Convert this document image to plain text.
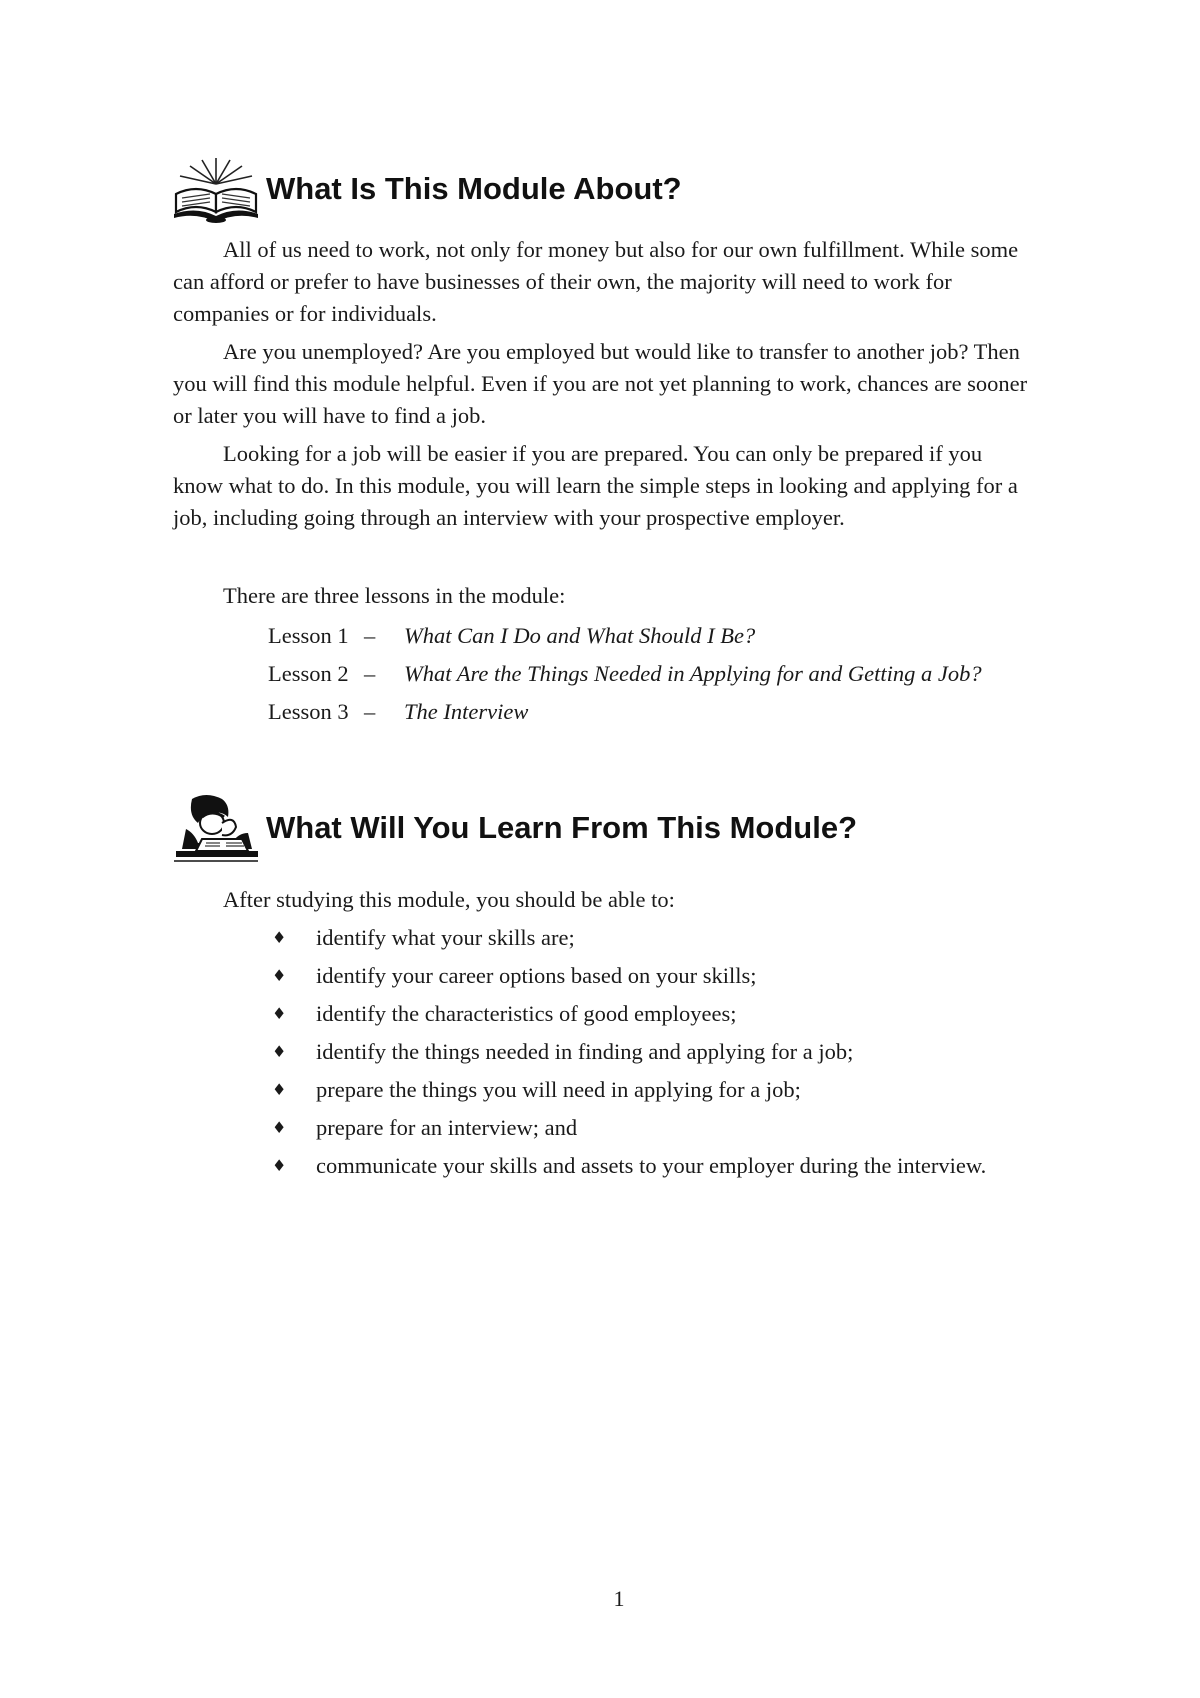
What Is This Module About?

All of us need to work, not only for money but also for our own fulfillment. While some can afford or prefer to have businesses of their own, the majority will need to work for companies or for individuals.

Are you unemployed? Are you employed but would like to transfer to another job? Then you will find this module helpful. Even if you are not yet planning to work, chances are sooner or later you will have to find a job.

Looking for a job will be easier if you are prepared. You can only be prepared if you know what to do. In this module, you will learn the simple steps in looking and applying for a job, including going through an interview with your prospective employer.

There are three lessons in the module:

Lesson 1 –	What Can I Do and What Should I Be?
Lesson 2 –	What Are the Things Needed in Applying for and Getting a Job?
Lesson 3 –	The Interview
What Will You Learn From This Module?

After studying this module, you should be able to:

♦	identify what your skills are;
♦	identify your career options based on your skills;
♦	identify the characteristics of good employees;
♦	identify the things needed in finding and applying for a job;
♦	prepare the things you will need in applying for a job;
♦	prepare for an interview; and
♦	communicate your skills and assets to your employer during the interview.
1
